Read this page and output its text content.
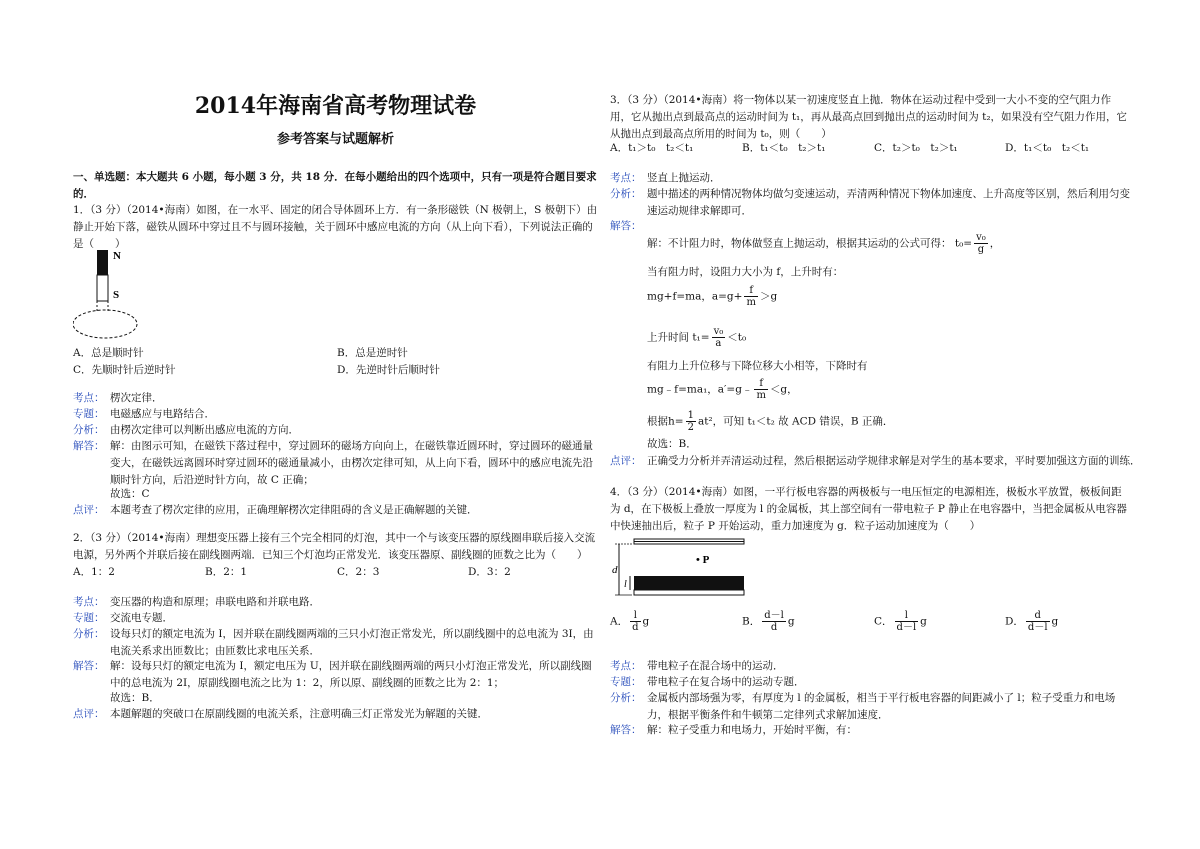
2014年海南省高考物理试卷
参考答案与试题解析
一、单选题：本大题共 6 小题，每小题 3 分，共 18 分．在每小题给出的四个选项中，只有一项是符合题目要求
的．
1．（3 分）（2014•海南）如图，在一水平、固定的闭合导体圆环上方．有一条形磁铁（N 极朝上，S 极朝下）由静止开始下落，磁铁从圆环中穿过且不与圆环接触，关于圆环中感应电流的方向（从上向下看），下列说法正确的是（　　）
N
S
A．总是顺时针	B．总是逆时针
C．先顺时针后逆时针	D．先逆时针后顺时针
考点： 楞次定律．
专题： 电磁感应与电路结合．
分析： 由楞次定律可以判断出感应电流的方向．
解答： 解：由图示可知，在磁铁下落过程中，穿过圆环的磁场方向向上，在磁铁靠近圆环时，穿过圆环的磁通量变大，在磁铁远离圆环时穿过圆环的磁通量减小，由楞次定律可知，从上向下看，圆环中的感应电流先沿顺时针方向，后沿逆时针方向，故 C 正确；
故选：C
点评： 本题考查了楞次定律的应用，正确理解楞次定律阻碍的含义是正确解题的关键．
2．（3 分）（2014•海南）理想变压器上接有三个完全相同的灯泡，其中一个与该变压器的原线圈串联后接入交流电源，另外两个并联后接在副线圈两端．已知三个灯泡均正常发光．该变压器原、副线圈的匝数之比为（　　）
A．1：2	B．2：1	C．2：3	D．3：2
考点： 变压器的构造和原理；串联电路和并联电路．
专题： 交流电专题．
分析： 设每只灯的额定电流为 I，因并联在副线圈两端的三只小灯泡正常发光，所以副线圈中的总电流为 3I，由电流关系求出匝数比；由匝数比求电压关系．
解答： 解：设每只灯的额定电流为 I，额定电压为 U，因并联在副线圈两端的两只小灯泡正常发光，所以副线圈中的总电流为 2I，原副线圈电流之比为 1：2，所以原、副线圈的匝数之比为 2：1；
故选：B．
点评： 本题解题的突破口在原副线圈的电流关系，注意明确三灯正常发光为解题的关键．
3．（3 分）（2014•海南）将一物体以某一初速度竖直上抛．物体在运动过程中受到一大小不变的空气阻力作用，它从抛出点到最高点的运动时间为 t₁，再从最高点回到抛出点的运动时间为 t₂，如果没有空气阻力作用，它从抛出点到最高点所用的时间为 t₀，则（　　）
A．t₁＞t₀　t₂＜t₁	B．t₁＜t₀　t₂＞t₁	C．t₂＞t₀　t₂＞t₁	D．t₁＜t₀　t₂＜t₁
考点： 竖直上抛运动．
分析： 题中描述的两种情况物体均做匀变速运动，弄清两种情况下物体加速度、上升高度等区别，然后利用匀变速运动规律求解即可．
解答：
解：不计阻力时，物体做竖直上抛运动，根据其运动的公式可得： $t_0= \frac{\text{v₀}}{g}$ ，
当有阻力时，设阻力大小为 f，上升时有：
mg+f=ma，$a=g+ \frac{f}{m} >g$
上升时间 $t_1= \frac{\text{v₀}}{a} <t_0$
有阻力上升位移与下降位移大小相等，下降时有
mg﹣f=ma₁，a′=g﹣ $\frac{f}{m} <g$，
根据$h= \frac{1}{2} at^2$，可知 t₁＜t₂ 故 ACD 错误，B 正确．
故选：B．
点评： 正确受力分析并弄清运动过程，然后根据运动学规律求解是对学生的基本要求，平时要加强这方面的训练．
4．（3 分）（2014•海南）如图，一平行板电容器的两极板与一电压恒定的电源相连，极板水平放置，极板间距为 d，在下极板上叠放一厚度为 l 的金属板，其上部空间有一带电粒子 P 静止在电容器中，当把金属板从电容器中快速抽出后，粒子 P 开始运动，重力加速度为 g．粒子运动加速度为（　　）
d
l
• P
A． $\frac{l}{d}$ g	B． $\frac{d-l}{d}$ g	C． $\frac{l}{d-l}$ g	D． $\frac{d}{d-l}$ g
考点： 带电粒子在混合场中的运动．
专题： 带电粒子在复合场中的运动专题．
分析： 金属板内部场强为零，有厚度为 l 的金属板，相当于平行板电容器的间距减小了 l；粒子受重力和电场力，根据平衡条件和牛顿第二定律列式求解加速度．
解答： 解：粒子受重力和电场力，开始时平衡，有：
